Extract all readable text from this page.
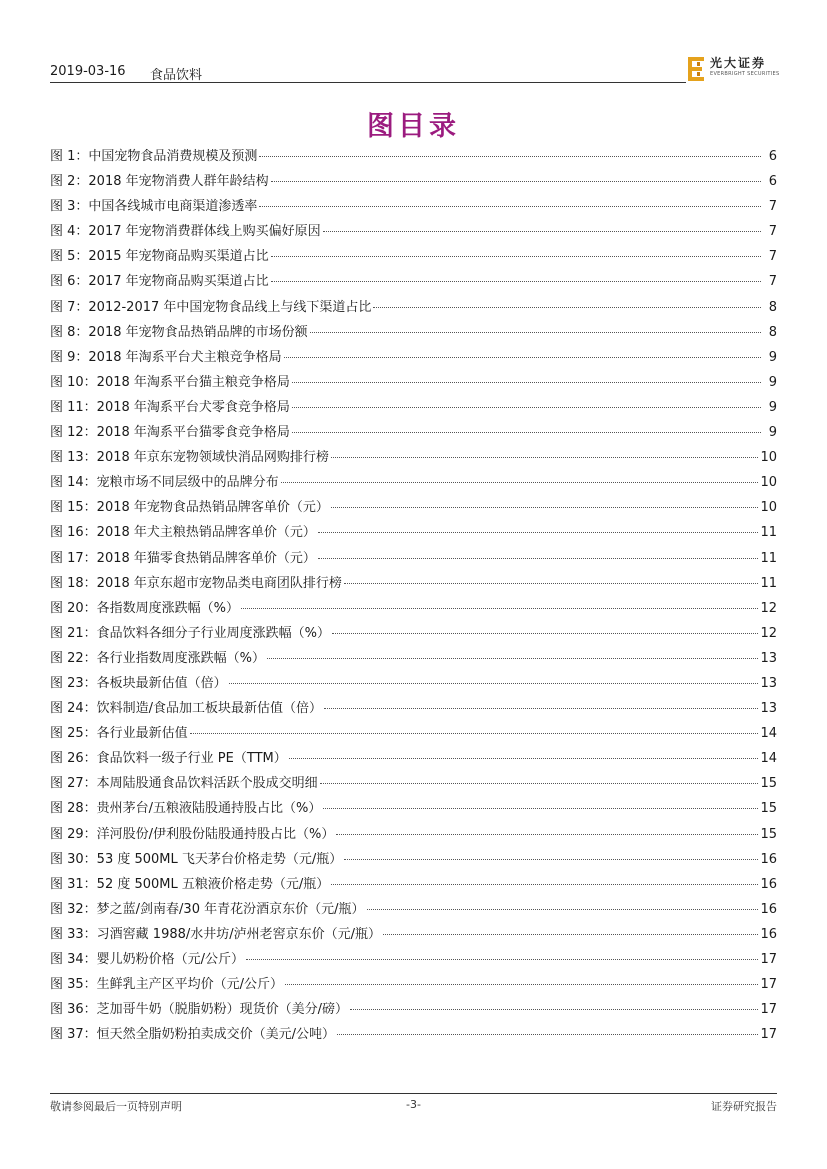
2019-03-16 食品饮料
光大证券
EVERBRIGHT SECURITIES
图目录
图 1：中国宠物食品消费规模及预测	6
图 2：2018 年宠物消费人群年龄结构	6
图 3：中国各线城市电商渠道渗透率	7
图 4：2017 年宠物消费群体线上购买偏好原因	7
图 5：2015 年宠物商品购买渠道占比	7
图 6：2017 年宠物商品购买渠道占比	7
图 7：2012-2017 年中国宠物食品线上与线下渠道占比	8
图 8：2018 年宠物食品热销品牌的市场份额	8
图 9：2018 年淘系平台犬主粮竞争格局	9
图 10：2018 年淘系平台猫主粮竞争格局	9
图 11：2018 年淘系平台犬零食竞争格局	9
图 12：2018 年淘系平台猫零食竞争格局	9
图 13：2018 年京东宠物领域快消品网购排行榜	10
图 14：宠粮市场不同层级中的品牌分布	10
图 15：2018 年宠物食品热销品牌客单价（元）	10
图 16：2018 年犬主粮热销品牌客单价（元）	11
图 17：2018 年猫零食热销品牌客单价（元）	11
图 18：2018 年京东超市宠物品类电商团队排行榜	11
图 20：各指数周度涨跌幅（%）	12
图 21：食品饮料各细分子行业周度涨跌幅（%）	12
图 22：各行业指数周度涨跌幅（%）	13
图 23：各板块最新估值（倍）	13
图 24：饮料制造/食品加工板块最新估值（倍）	13
图 25：各行业最新估值	14
图 26：食品饮料一级子行业 PE（TTM）	14
图 27：本周陆股通食品饮料活跃个股成交明细	15
图 28：贵州茅台/五粮液陆股通持股占比（%）	15
图 29：洋河股份/伊利股份陆股通持股占比（%）	15
图 30：53 度 500ML 飞天茅台价格走势（元/瓶）	16
图 31：52 度 500ML 五粮液价格走势（元/瓶）	16
图 32：梦之蓝/剑南春/30 年青花汾酒京东价（元/瓶）	16
图 33：习酒窖藏 1988/水井坊/泸州老窖京东价（元/瓶）	16
图 34：婴儿奶粉价格（元/公斤）	17
图 35：生鲜乳主产区平均价（元/公斤）	17
图 36：芝加哥牛奶（脱脂奶粉）现货价（美分/磅）	17
图 37：恒天然全脂奶粉拍卖成交价（美元/公吨）	17
敬请参阅最后一页特别声明	-3-	证券研究报告
